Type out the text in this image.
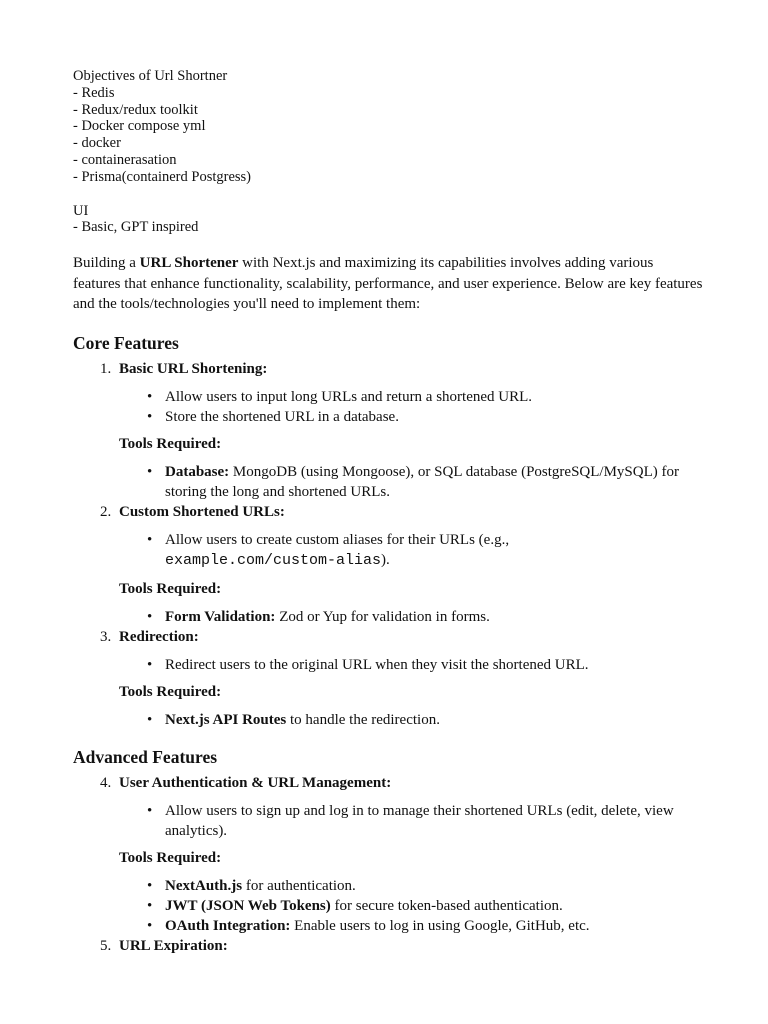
Objectives of Url Shortner
- Redis
- Redux/redux toolkit
- Docker compose yml
- docker
- containerasation
- Prisma(containerd Postgress)
UI
- Basic, GPT inspired

Building a URL Shortener with Next.js and maximizing its capabilities involves adding various features that enhance functionality, scalability, performance, and user experience. Below are key features and the tools/technologies you'll need to implement them:

Core Features
1. Basic URL Shortening:
• Allow users to input long URLs and return a shortened URL.
• Store the shortened URL in a database.
Tools Required:
• Database: MongoDB (using Mongoose), or SQL database (PostgreSQL/MySQL) for storing the long and shortened URLs.
2. Custom Shortened URLs:
• Allow users to create custom aliases for their URLs (e.g.,
example.com/custom-alias).
Tools Required:
• Form Validation: Zod or Yup for validation in forms.
3. Redirection:
• Redirect users to the original URL when they visit the shortened URL.
Tools Required:
• Next.js API Routes to handle the redirection.
Advanced Features
4. User Authentication & URL Management:
• Allow users to sign up and log in to manage their shortened URLs (edit, delete, view analytics).
Tools Required:
• NextAuth.js for authentication.
• JWT (JSON Web Tokens) for secure token-based authentication.
• OAuth Integration: Enable users to log in using Google, GitHub, etc.
5. URL Expiration:
